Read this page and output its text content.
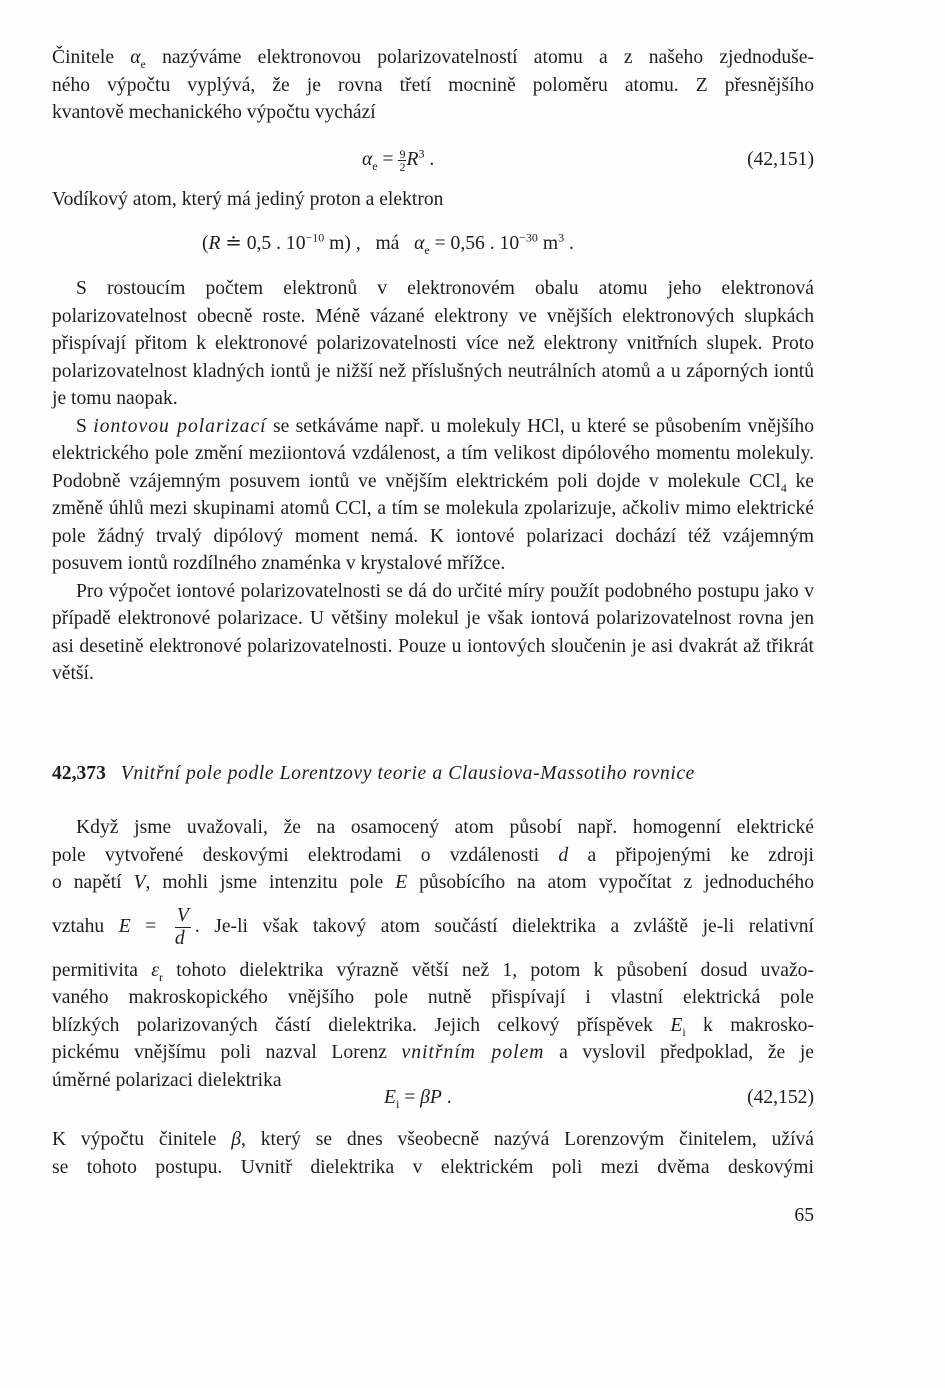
Činitele $\alpha_e$ nazýváme elektronovou polarizovatelností atomu a z našeho zjednoduše-

ného výpočtu vyplývá, že je rovna třetí mocnině poloměru atomu. Z přesnějšího

kvantově mechanického výpočtu vychází

$\alpha_e = \frac{9}{2} R^3$ .	(42,151)

Vodíkový atom, který má jediný proton a elektron

(R ≐ 0,5 . $10^{-10}$ m) ,   má $\alpha_e = 0,56$ . $10^{-30}$ $m^3$ .

S rostoucím počtem elektronů v elektronovém obalu atomu jeho elektronová polarizovatelnost obecně roste. Méně vázané elektrony ve vnějších elektronových slupkách přispívají přitom k elektronové polarizovatelnosti více než elektrony vnitřních slupek. Proto polarizovatelnost kladných iontů je nižší než příslušných neutrálních atomů a u záporných iontů je tomu naopak.

S iontovou polarizací se setkáváme např. u molekuly HCl, u které se působením vnějšího elektrického pole změní meziiontová vzdálenost, a tím velikost dipólového momentu molekuly. Podobně vzájemným posuvem iontů ve vnějším elektrickém poli dojde v molekule CCl$_4$ ke změně úhlů mezi skupinami atomů CCl, a tím se molekula zpolarizuje, ačkoliv mimo elektrické pole žádný trvalý dipólový moment nemá. K iontové polarizaci dochází též vzájemným posuvem iontů rozdílného znaménka v krystalové mřížce.

Pro výpočet iontové polarizovatelnosti se dá do určité míry použít podobného postupu jako v případě elektronové polarizace. U většiny molekul je však iontová polarizovatelnost rovna jen asi desetině elektronové polarizovatelnosti. Pouze u iontových sloučenin je asi dvakrát až třikrát větší.

42,373 Vnitřní pole podle Lorentzovy teorie a Clausiova-Massotiho rovnice

Když jsme uvažovali, že na osamocený atom působí např. homogenní elektrické

pole vytvořené deskovými elektrodami o vzdálenosti d a připojenými ke zdroji

o napětí V, mohli jsme intenzitu pole E působícího na atom vypočítat z jednoduchého

vztahu $E = \frac{V}{d}$ . Je-li však takový atom součástí dielektrika a zvláště je-li relativní

permitivita $\varepsilon_r$ tohoto dielektrika výrazně větší než 1, potom k působení dosud uvažo-

vaného makroskopického vnějšího pole nutně přispívají i vlastní elektrická pole

blízkých polarizovaných částí dielektrika. Jejich celkový příspěvek $E_i$ k makrosko-

pickému vnějšímu poli nazval Lorenz vnitřním polem a vyslovil předpoklad, že je

úměrné polarizaci dielektrika

$E_i = \beta P$ .	(42,152)

K výpočtu činitele β, který se dnes všeobecně nazývá Lorenzovým činitelem, užívá

se tohoto postupu. Uvnitř dielektrika v elektrickém poli mezi dvěma deskovými

65
